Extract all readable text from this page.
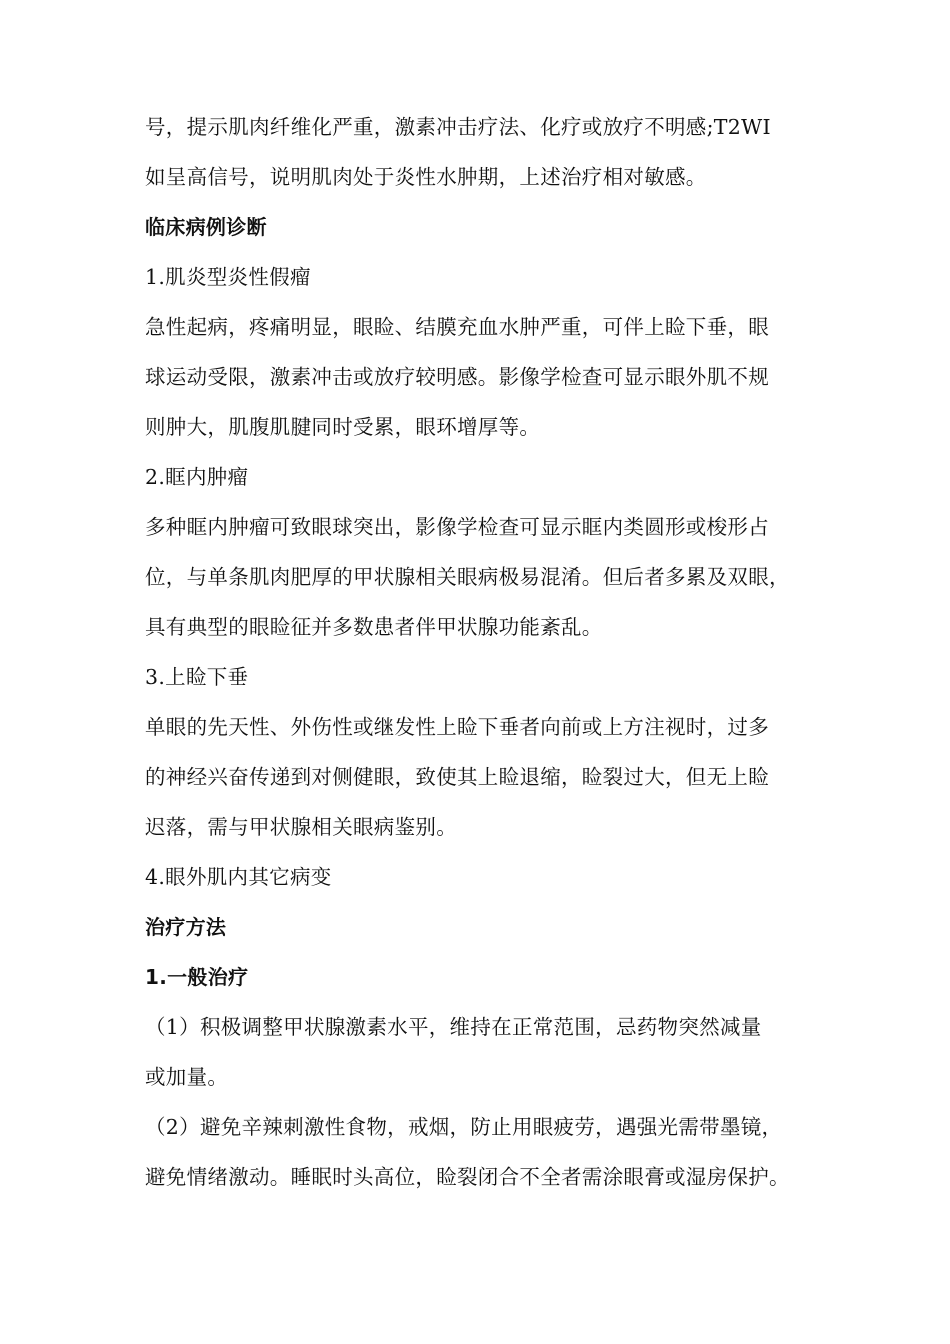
号，提示肌肉纤维化严重，激素冲击疗法、化疗或放疗不明感;T2WI
如呈高信号，说明肌肉处于炎性水肿期，上述治疗相对敏感。
临床病例诊断
1.肌炎型炎性假瘤
急性起病，疼痛明显，眼睑、结膜充血水肿严重，可伴上睑下垂，眼
球运动受限，激素冲击或放疗较明感。影像学检查可显示眼外肌不规
则肿大，肌腹肌腱同时受累，眼环增厚等。
2.眶内肿瘤
多种眶内肿瘤可致眼球突出，影像学检查可显示眶内类圆形或梭形占
位，与单条肌肉肥厚的甲状腺相关眼病极易混淆。但后者多累及双眼，
具有典型的眼睑征并多数患者伴甲状腺功能紊乱。
3.上睑下垂
单眼的先天性、外伤性或继发性上睑下垂者向前或上方注视时，过多
的神经兴奋传递到对侧健眼，致使其上睑退缩，睑裂过大，但无上睑
迟落，需与甲状腺相关眼病鉴别。
4.眼外肌内其它病变
治疗方法
1.一般治疗
（1）积极调整甲状腺激素水平，维持在正常范围，忌药物突然减量
或加量。
（2）避免辛辣刺激性食物，戒烟，防止用眼疲劳，遇强光需带墨镜，
避免情绪激动。睡眠时头高位，睑裂闭合不全者需涂眼膏或湿房保护。
